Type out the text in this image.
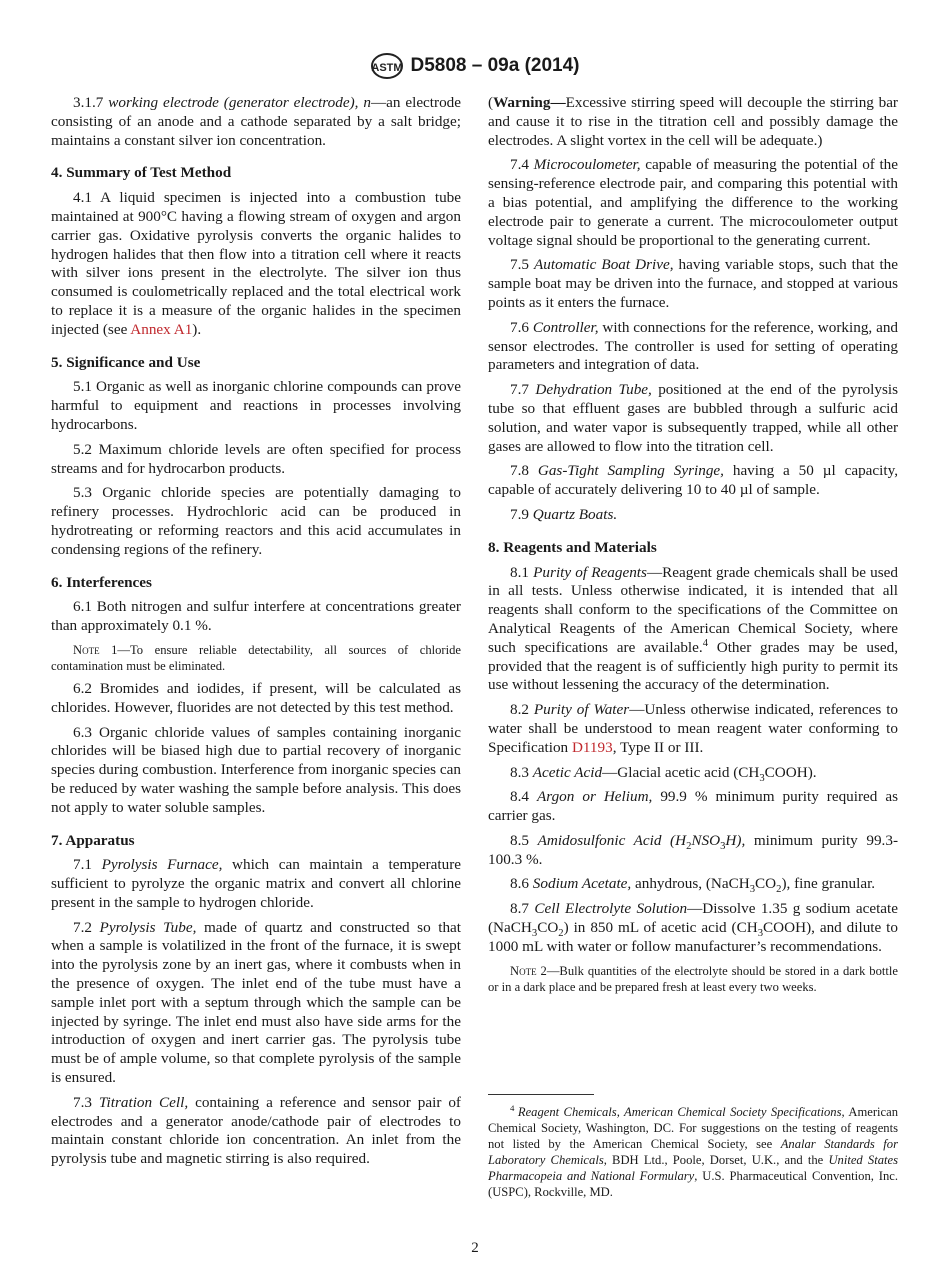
ASTM D5808 – 09a (2014)
3.1.7 working electrode (generator electrode), n—an electrode consisting of an anode and a cathode separated by a salt bridge; maintains a constant silver ion concentration.
4. Summary of Test Method
4.1 A liquid specimen is injected into a combustion tube maintained at 900°C having a flowing stream of oxygen and argon carrier gas. Oxidative pyrolysis converts the organic halides to hydrogen halides that then flow into a titration cell where it reacts with silver ions present in the electrolyte. The silver ion thus consumed is coulometrically replaced and the total electrical work to replace it is a measure of the organic halides in the specimen injected (see Annex A1).
5. Significance and Use
5.1 Organic as well as inorganic chlorine compounds can prove harmful to equipment and reactions in processes involving hydrocarbons.
5.2 Maximum chloride levels are often specified for process streams and for hydrocarbon products.
5.3 Organic chloride species are potentially damaging to refinery processes. Hydrochloric acid can be produced in hydrotreating or reforming reactors and this acid accumulates in condensing regions of the refinery.
6. Interferences
6.1 Both nitrogen and sulfur interfere at concentrations greater than approximately 0.1 %.
Note 1—To ensure reliable detectability, all sources of chloride contamination must be eliminated.
6.2 Bromides and iodides, if present, will be calculated as chlorides. However, fluorides are not detected by this test method.
6.3 Organic chloride values of samples containing inorganic chlorides will be biased high due to partial recovery of inorganic species during combustion. Interference from inorganic species can be reduced by water washing the sample before analysis. This does not apply to water soluble samples.
7. Apparatus
7.1 Pyrolysis Furnace, which can maintain a temperature sufficient to pyrolyze the organic matrix and convert all chlorine present in the sample to hydrogen chloride.
7.2 Pyrolysis Tube, made of quartz and constructed so that when a sample is volatilized in the front of the furnace, it is swept into the pyrolysis zone by an inert gas, where it combusts when in the presence of oxygen. The inlet end of the tube must have a sample inlet port with a septum through which the sample can be injected by syringe. The inlet end must also have side arms for the introduction of oxygen and inert carrier gas. The pyrolysis tube must be of ample volume, so that complete pyrolysis of the sample is ensured.
7.3 Titration Cell, containing a reference and sensor pair of electrodes and a generator anode/cathode pair of electrodes to maintain constant chloride ion concentration. An inlet from the pyrolysis tube and magnetic stirring is also required.
(Warning—Excessive stirring speed will decouple the stirring bar and cause it to rise in the titration cell and possibly damage the electrodes. A slight vortex in the cell will be adequate.)
7.4 Microcoulometer, capable of measuring the potential of the sensing-reference electrode pair, and comparing this potential with a bias potential, and amplifying the difference to the working electrode pair to generate a current. The microcoulometer output voltage signal should be proportional to the generating current.
7.5 Automatic Boat Drive, having variable stops, such that the sample boat may be driven into the furnace, and stopped at various points as it enters the furnace.
7.6 Controller, with connections for the reference, working, and sensor electrodes. The controller is used for setting of operating parameters and integration of data.
7.7 Dehydration Tube, positioned at the end of the pyrolysis tube so that effluent gases are bubbled through a sulfuric acid solution, and water vapor is subsequently trapped, while all other gases are allowed to flow into the titration cell.
7.8 Gas-Tight Sampling Syringe, having a 50 µl capacity, capable of accurately delivering 10 to 40 µl of sample.
7.9 Quartz Boats.
8. Reagents and Materials
8.1 Purity of Reagents—Reagent grade chemicals shall be used in all tests. Unless otherwise indicated, it is intended that all reagents shall conform to the specifications of the Committee on Analytical Reagents of the American Chemical Society, where such specifications are available.$^4$ Other grades may be used, provided that the reagent is of sufficiently high purity to permit its use without lessening the accuracy of the determination.
8.2 Purity of Water—Unless otherwise indicated, references to water shall be understood to mean reagent water conforming to Specification D1193, Type II or III.
8.3 Acetic Acid—Glacial acetic acid $(CH_3COOH)$.
8.4 Argon or Helium, 99.9 % minimum purity required as carrier gas.
8.5 Amidosulfonic Acid $(H_2NSO_3H)$, minimum purity 99.3-100.3 %.
8.6 Sodium Acetate, anhydrous, $(NaCH_3CO_2)$, fine granular.
8.7 Cell Electrolyte Solution—Dissolve 1.35 g sodium acetate $(NaCH_3CO_2)$ in 850 mL of acetic acid $(CH_3COOH)$, and dilute to 1000 mL with water or follow manufacturer’s recommendations.
Note 2—Bulk quantities of the electrolyte should be stored in a dark bottle or in a dark place and be prepared fresh at least every two weeks.
$^4$ Reagent Chemicals, American Chemical Society Specifications, American Chemical Society, Washington, DC. For suggestions on the testing of reagents not listed by the American Chemical Society, see Analar Standards for Laboratory Chemicals, BDH Ltd., Poole, Dorset, U.K., and the United States Pharmacopeia and National Formulary, U.S. Pharmaceutical Convention, Inc. (USPC), Rockville, MD.
2
